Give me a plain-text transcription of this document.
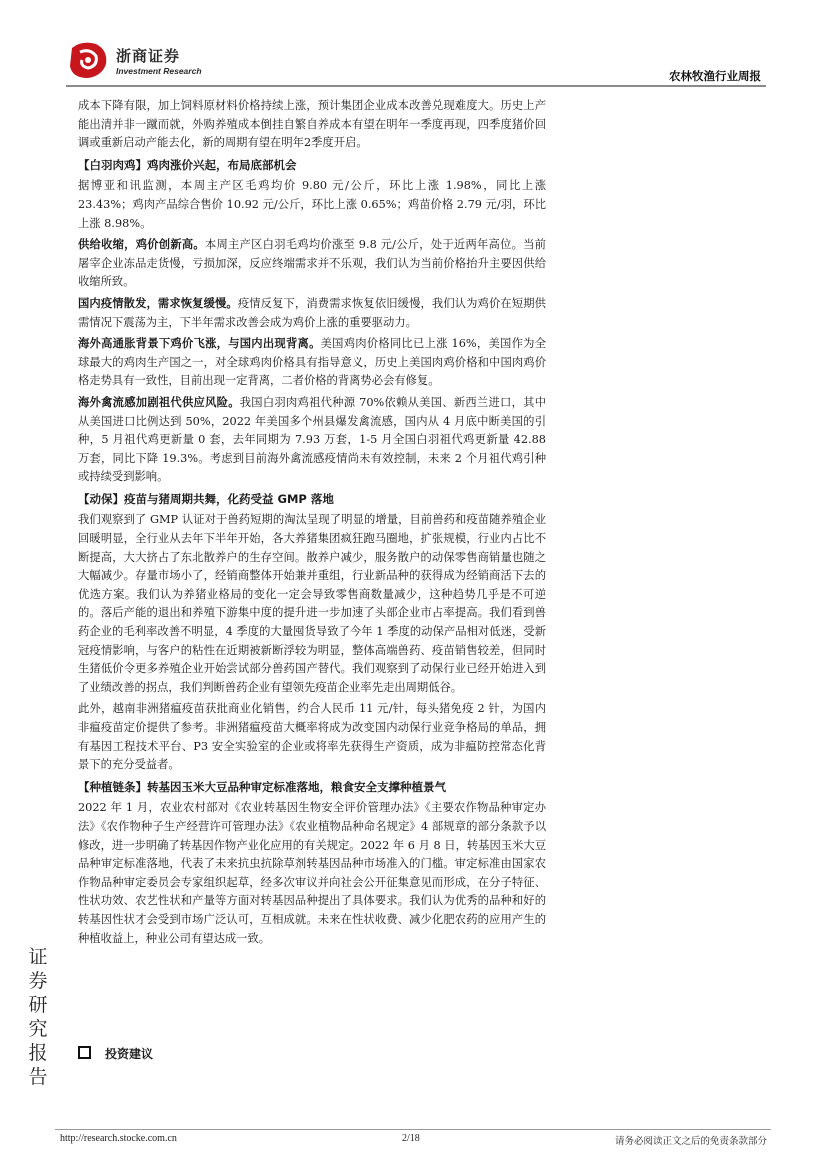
浙商证券
Investment Research	农林牧渔行业周报

成本下降有限，加上饲料原材料价格持续上涨，预计集团企业成本改善兑现难度大。历史上产能出清并非一蹴而就，外购养殖成本倒挂自繁自养成本有望在明年一季度再现，四季度猪价回调或重新启动产能去化，新的周期有望在明年2季度开启。

【白羽肉鸡】鸡肉涨价兴起，布局底部机会

据博亚和讯监测，本周主产区毛鸡均价 9.80 元/公斤，环比上涨 1.98%，同比上涨 23.43%；鸡肉产品综合售价 10.92 元/公斤，环比上涨 0.65%；鸡苗价格 2.79 元/羽，环比上涨 8.98%。

供给收缩，鸡价创新高。本周主产区白羽毛鸡均价涨至 9.8 元/公斤，处于近两年高位。当前屠宰企业冻品走货慢，亏损加深，反应终端需求并不乐观，我们认为当前价格抬升主要因供给收缩所致。

国内疫情散发，需求恢复缓慢。疫情反复下，消费需求恢复依旧缓慢，我们认为鸡价在短期供需情况下震荡为主，下半年需求改善会成为鸡价上涨的重要驱动力。

海外高通胀背景下鸡价飞涨，与国内出现背离。美国鸡肉价格同比已上涨 16%，美国作为全球最大的鸡肉生产国之一，对全球鸡肉价格具有指导意义，历史上美国肉鸡价格和中国肉鸡价格走势具有一致性，目前出现一定背离，二者价格的背离势必会有修复。

海外禽流感加剧祖代供应风险。我国白羽肉鸡祖代种源 70%依赖从美国、新西兰进口，其中从美国进口比例达到 50%，2022 年美国多个州县爆发禽流感，国内从 4 月底中断美国的引种，5 月祖代鸡更新量 0 套，去年同期为 7.93 万套，1-5 月全国白羽祖代鸡更新量 42.88 万套，同比下降 19.3%。考虑到目前海外禽流感疫情尚未有效控制，未来 2 个月祖代鸡引种或持续受到影响。

【动保】疫苗与猪周期共舞，化药受益 GMP 落地

我们观察到了 GMP 认证对于兽药短期的淘汰呈现了明显的增量，目前兽药和疫苗随养殖企业回暖明显，全行业从去年下半年开始，各大养猪集团疯狂跑马圈地，扩张规模，行业内占比不断提高，大大挤占了东北散养户的生存空间。散养户减少，服务散户的动保零售商销量也随之大幅减少。存量市场小了，经销商整体开始兼并重组，行业新品种的获得成为经销商活下去的优选方案。我们认为养猪业格局的变化一定会导致零售商数量减少，这种趋势几乎是不可逆的。落后产能的退出和养殖下游集中度的提升进一步加速了头部企业市占率提高。我们看到兽药企业的毛利率改善不明显，4 季度的大量囤货导致了今年 1 季度的动保产品相对低迷，受新冠疫情影响，与客户的粘性在近期被新断浮较为明显，整体高端兽药、疫苗销售较差，但同时生猪低价令更多养殖企业开始尝试部分兽药国产替代。我们观察到了动保行业已经开始进入到了业绩改善的拐点，我们判断兽药企业有望领先疫苗企业率先走出周期低谷。

此外，越南非洲猪瘟疫苗获批商业化销售，约合人民币 11 元/针，每头猪免疫 2 针，为国内非瘟疫苗定价提供了参考。非洲猪瘟疫苗大概率将成为改变国内动保行业竞争格局的单品，拥有基因工程技术平台、P3 安全实验室的企业或将率先获得生产资质，成为非瘟防控常态化背景下的充分受益者。

【种植链条】转基因玉米大豆品种审定标准落地，粮食安全支撑种植景气

2022 年 1 月，农业农村部对《农业转基因生物安全评价管理办法》《主要农作物品种审定办法》《农作物种子生产经营许可管理办法》《农业植物品种命名规定》4 部规章的部分条款予以修改，进一步明确了转基因作物产业化应用的有关规定。2022 年 6 月 8 日，转基因玉米大豆品种审定标准落地，代表了未来抗虫抗除草剂转基因品种市场准入的门槛。审定标准由国家农作物品种审定委员会专家组织起草，经多次审议并向社会公开征集意见而形成，在分子特征、性状功效、农艺性状和产量等方面对转基因品种提出了具体要求。我们认为优秀的品种和好的转基因性状才会受到市场广泛认可，互相成就。未来在性状收费、减少化肥农药的应用产生的种植收益上，种业公司有望达成一致。

投资建议
证券研究报告
http://research.stocke.com.cn	2/18	请务必阅读正文之后的免责条款部分
